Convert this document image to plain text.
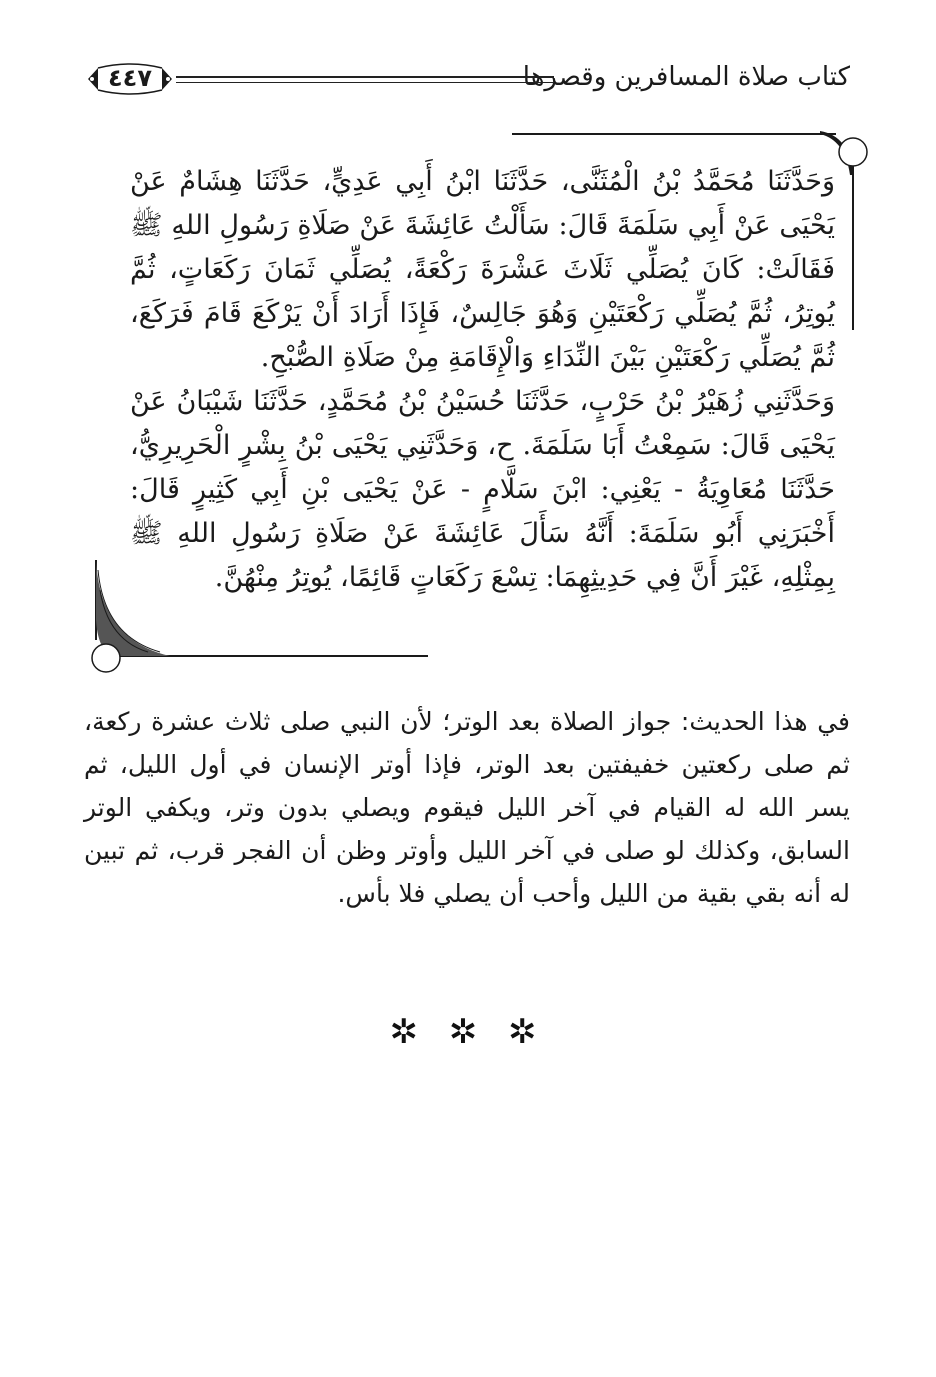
كتاب صلاة المسافرين وقصرها
٤٤٧

وَحَدَّثَنَا مُحَمَّدُ بْنُ الْمُثَنَّى، حَدَّثَنَا ابْنُ أَبِي عَدِيٍّ، حَدَّثَنَا هِشَامٌ عَنْ يَحْيَى عَنْ أَبِي سَلَمَةَ قَالَ: سَأَلْتُ عَائِشَةَ عَنْ صَلَاةِ رَسُولِ اللهِ ﷺ فَقَالَتْ: كَانَ يُصَلِّي ثَلَاثَ عَشْرَةَ رَكْعَةً، يُصَلِّي ثَمَانَ رَكَعَاتٍ، ثُمَّ يُوتِرُ، ثُمَّ يُصَلِّي رَكْعَتَيْنِ وَهُوَ جَالِسٌ، فَإِذَا أَرَادَ أَنْ يَرْكَعَ قَامَ فَرَكَعَ، ثُمَّ يُصَلِّي رَكْعَتَيْنِ بَيْنَ النِّدَاءِ وَالْإِقَامَةِ مِنْ صَلَاةِ الصُّبْحِ.

وَحَدَّثَنِي زُهَيْرُ بْنُ حَرْبٍ، حَدَّثَنَا حُسَيْنُ بْنُ مُحَمَّدٍ، حَدَّثَنَا شَيْبَانُ عَنْ يَحْيَى قَالَ: سَمِعْتُ أَبَا سَلَمَةَ. ح، وَحَدَّثَنِي يَحْيَى بْنُ بِشْرٍ الْحَرِيرِيُّ، حَدَّثَنَا مُعَاوِيَةُ - يَعْنِي: ابْنَ سَلَّامٍ - عَنْ يَحْيَى بْنِ أَبِي كَثِيرٍ قَالَ: أَخْبَرَنِي أَبُو سَلَمَةَ: أَنَّهُ سَأَلَ عَائِشَةَ عَنْ صَلَاةِ رَسُولِ اللهِ ﷺ بِمِثْلِهِ، غَيْرَ أَنَّ فِي حَدِيثِهِمَا: تِسْعَ رَكَعَاتٍ قَائِمًا، يُوتِرُ مِنْهُنَّ.

في هذا الحديث: جواز الصلاة بعد الوتر؛ لأن النبي صلى ثلاث عشرة ركعة، ثم صلى ركعتين خفيفتين بعد الوتر، فإذا أوتر الإنسان في أول الليل، ثم يسر الله له القيام في آخر الليل فيقوم ويصلي بدون وتر، ويكفي الوتر السابق، وكذلك لو صلى في آخر الليل وأوتر وظن أن الفجر قرب، ثم تبين له أنه بقي بقية من الليل وأحب أن يصلي فلا بأس.

✲ ✲ ✲
